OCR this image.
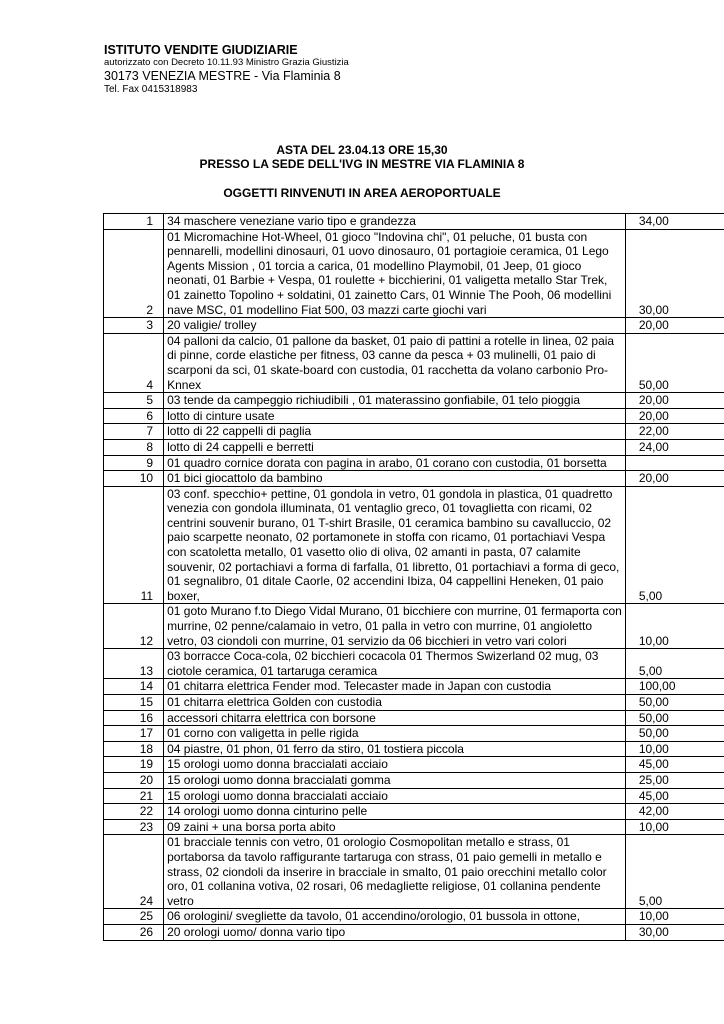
ISTITUTO VENDITE GIUDIZIARIE
autorizzato con Decreto 10.11.93 Ministro Grazia Giustizia
30173 VENEZIA MESTRE - Via Flaminia 8
Tel. Fax 0415318983
ASTA DEL 23.04.13 ORE 15,30
PRESSO LA SEDE DELL'IVG IN MESTRE VIA FLAMINIA 8
OGGETTI RINVENUTI IN AREA AEROPORTUALE
1	34 maschere veneziane vario tipo e grandezza	34,00
2	01 Micromachine Hot-Wheel, 01 gioco "Indovina chi", 01 peluche, 01 busta con pennarelli, modellini dinosauri, 01 uovo dinosauro, 01 portagioie ceramica, 01 Lego Agents Mission , 01 torcia a carica, 01 modellino Playmobil, 01 Jeep, 01 gioco neonati, 01 Barbie + Vespa, 01 roulette + bicchierini, 01 valigetta metallo Star Trek, 01 zainetto Topolino + soldatini, 01 zainetto Cars, 01 Winnie The Pooh, 06 modellini nave MSC, 01 modellino Fiat 500, 03 mazzi carte giochi vari	30,00
3	20 valigie/ trolley	20,00
4	04 palloni da calcio, 01 pallone da basket, 01 paio di pattini a rotelle in linea, 02 paia di pinne, corde elastiche per fitness, 03 canne da pesca + 03 mulinelli, 01 paio di scarponi da sci, 01 skate-board con custodia, 01 racchetta da volano carbonio Pro-Knnex	50,00
5	03 tende da campeggio richiudibili , 01 materassino gonfiabile, 01 telo pioggia	20,00
6	lotto di cinture usate	20,00
7	lotto di 22 cappelli di paglia	22,00
8	lotto di 24 cappelli e berretti	24,00
9	01 quadro cornice dorata con pagina in arabo, 01 corano con custodia, 01 borsetta	
10	01 bici giocattolo da bambino	20,00
11	03 conf. specchio+ pettine, 01 gondola in vetro, 01 gondola in plastica, 01 quadretto venezia con gondola illuminata, 01 ventaglio greco, 01 tovaglietta con ricami, 02 centrini souvenir burano, 01 T-shirt Brasile, 01 ceramica bambino su cavalluccio, 02 paio scarpette neonato, 02 portamonete in stoffa con ricamo, 01 portachiavi Vespa con scatoletta metallo, 01 vasetto olio di oliva, 02 amanti in pasta, 07 calamite souvenir, 02 portachiavi a forma di farfalla, 01 libretto, 01 portachiavi a forma di geco, 01 segnalibro, 01 ditale Caorle, 02 accendini Ibiza, 04 cappellini Heneken, 01 paio boxer,	5,00
12	01 goto Murano f.to Diego Vidal Murano, 01 bicchiere con murrine, 01 fermaporta con murrine, 02 penne/calamaio in vetro, 01 palla in vetro con murrine, 01 angioletto vetro, 03 ciondoli con murrine, 01 servizio da 06 bicchieri in vetro vari colori	10,00
13	03 borracce Coca-cola, 02 bicchieri cocacola 01 Thermos Swizerland 02 mug, 03 ciotole ceramica, 01 tartaruga ceramica	5,00
14	01 chitarra elettrica Fender mod. Telecaster made in Japan con custodia	100,00
15	01 chitarra elettrica Golden con custodia	50,00
16	accessori chitarra elettrica con borsone	50,00
17	01 corno con valigetta in pelle rigida	50,00
18	04 piastre, 01 phon, 01 ferro da stiro, 01 tostiera piccola	10,00
19	15 orologi uomo donna braccialati acciaio	45,00
20	15 orologi uomo donna braccialati gomma	25,00
21	15 orologi uomo donna braccialati acciaio	45,00
22	14 orologi uomo donna cinturino pelle	42,00
23	09 zaini + una borsa porta abito	10,00
24	01 bracciale tennis con vetro, 01 orologio Cosmopolitan metallo e strass, 01 portaborsa da tavolo raffigurante tartaruga con strass, 01 paio gemelli in metallo e strass, 02 ciondoli da inserire in bracciale in smalto, 01 paio orecchini metallo color oro, 01 collanina votiva, 02 rosari, 06 medagliette religiose, 01 collanina pendente vetro	5,00
25	06 orologini/ svegliette da tavolo, 01 accendino/orologio, 01 bussola in ottone,	10,00
26	20 orologi uomo/ donna vario tipo	30,00
